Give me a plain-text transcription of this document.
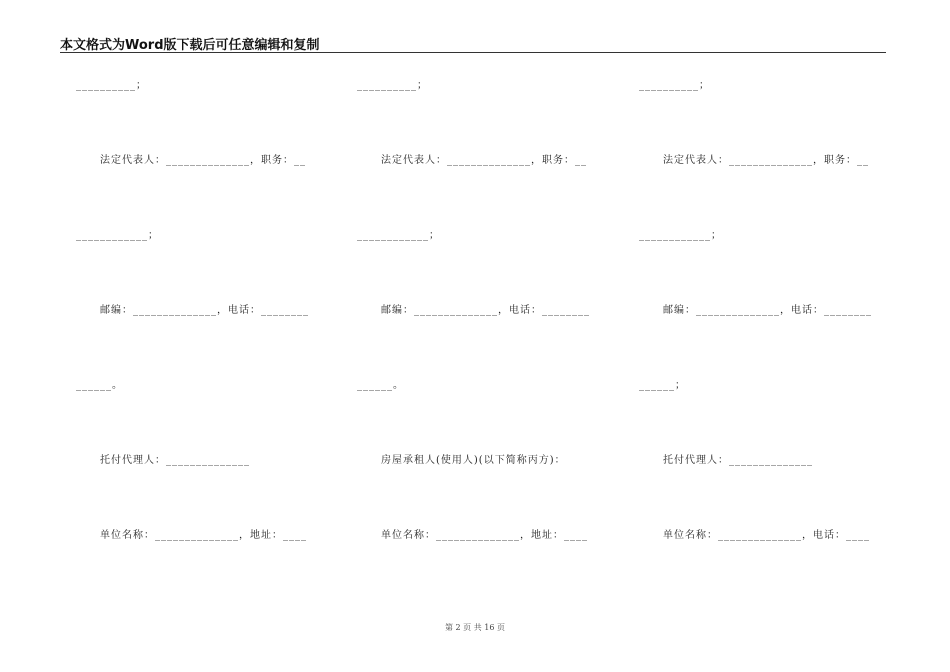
本文格式为Word版下载后可任意编辑和复制
__________；
法定代表人：______________，职务：__
____________；
邮编：______________，电话：________
______。
托付代理人：______________
单位名称：______________，地址：____
__________；
法定代表人：______________，职务：__
____________；
邮编：______________，电话：________
______。
房屋承租人(使用人)(以下简称丙方)：
单位名称：______________，地址：____
__________；
法定代表人：______________，职务：__
____________；
邮编：______________，电话：________
______；
托付代理人：______________
单位名称：______________，电话：____
第 2 页 共 16 页
